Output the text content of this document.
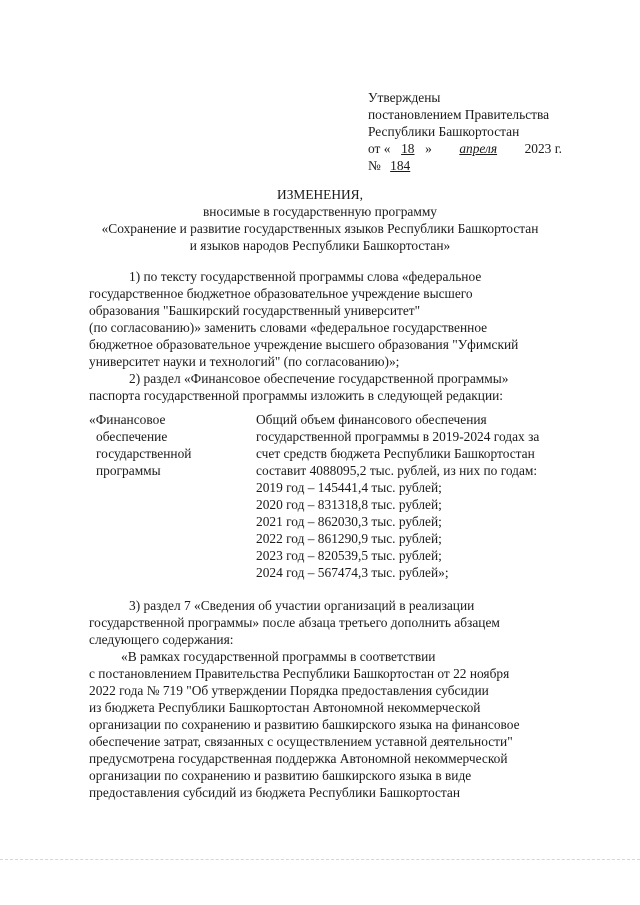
Утверждены
постановлением Правительства
Республики Башкортостан
от « 18 » апреля 2023 г.
№ 184
ИЗМЕНЕНИЯ,
вносимые в государственную программу
«Сохранение и развитие государственных языков Республики Башкортостан
и языков народов Республики Башкортостан»
1) по тексту государственной программы слова «федеральное
государственное бюджетное образовательное учреждение высшего
образования "Башкирский государственный университет"
(по согласованию)» заменить словами «федеральное государственное
бюджетное образовательное учреждение высшего образования "Уфимский
университет науки и технологий" (по согласованию)»;
2) раздел «Финансовое обеспечение государственной программы»
паспорта государственной программы изложить в следующей редакции:
«Финансовое
обеспечение
государственной
программы
Общий объем финансового обеспечения
государственной программы в 2019-2024 годах за
счет средств бюджета Республики Башкортостан
составит 4088095,2 тыс. рублей, из них по годам:
2019 год – 145441,4 тыс. рублей;
2020 год – 831318,8 тыс. рублей;
2021 год – 862030,3 тыс. рублей;
2022 год – 861290,9 тыс. рублей;
2023 год – 820539,5 тыс. рублей;
2024 год – 567474,3 тыс. рублей»;
3) раздел 7 «Сведения об участии организаций в реализации
государственной программы» после абзаца третьего дополнить абзацем
следующего содержания:
«В рамках государственной программы в соответствии
с постановлением Правительства Республики Башкортостан от 22 ноября
2022 года № 719 "Об утверждении Порядка предоставления субсидии
из бюджета Республики Башкортостан Автономной некоммерческой
организации по сохранению и развитию башкирского языка на финансовое
обеспечение затрат, связанных с осуществлением уставной деятельности"
предусмотрена государственная поддержка Автономной некоммерческой
организации по сохранению и развитию башкирского языка в виде
предоставления субсидий из бюджета Республики Башкортостан
